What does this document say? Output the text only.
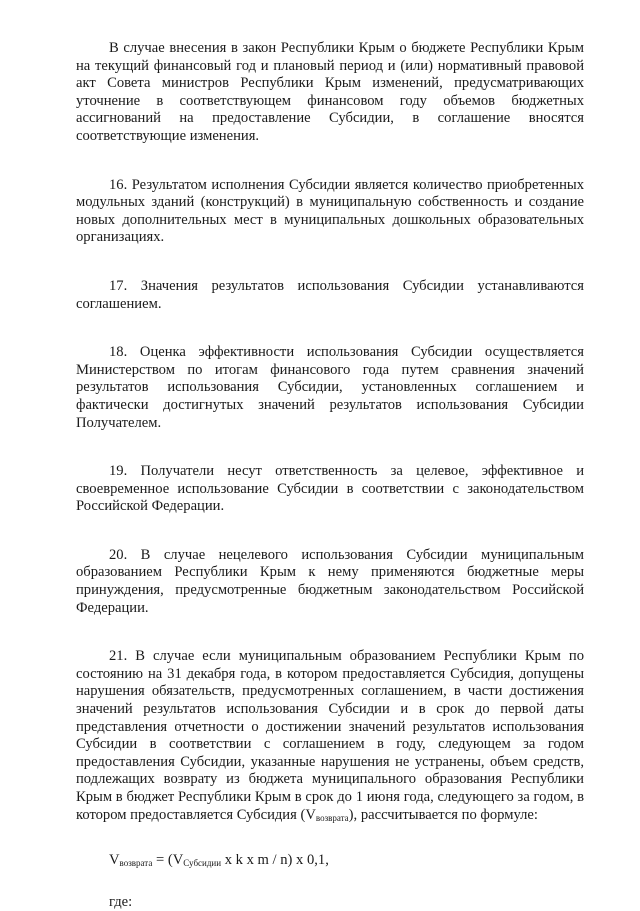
В случае внесения в закон Республики Крым о бюджете Республики Крым на текущий финансовый год и плановый период и (или) нормативный правовой акт Совета министров Республики Крым изменений, предусматривающих уточнение в соответствующем финансовом году объемов бюджетных ассигнований на предоставление Субсидии, в соглашение вносятся соответствующие изменения.

16. Результатом исполнения Субсидии является количество приобретенных модульных зданий (конструкций) в муниципальную собственность и создание новых дополнительных мест в муниципальных дошкольных образовательных организациях.

17. Значения результатов использования Субсидии устанавливаются соглашением.

18. Оценка эффективности использования Субсидии осуществляется Министерством по итогам финансового года путем сравнения значений результатов использования Субсидии, установленных соглашением и фактически достигнутых значений результатов использования Субсидии Получателем.

19. Получатели несут ответственность за целевое, эффективное и своевременное использование Субсидии в соответствии с законодательством Российской Федерации.

20. В случае нецелевого использования Субсидии муниципальным образованием Республики Крым к нему применяются бюджетные меры принуждения, предусмотренные бюджетным законодательством Российской Федерации.

21. В случае если муниципальным образованием Республики Крым по состоянию на 31 декабря года, в котором предоставляется Субсидия, допущены нарушения обязательств, предусмотренных соглашением, в части достижения значений результатов использования Субсидии и в срок до первой даты представления отчетности о достижении значений результатов использования Субсидии в соответствии с соглашением в году, следующем за годом предоставления Субсидии, указанные нарушения не устранены, объем средств, подлежащих возврату из бюджета муниципального образования Республики Крым в бюджет Республики Крым в срок до 1 июня года, следующего за годом, в котором предоставляется Субсидия $(V_{возврата})$, рассчитывается по формуле:

$V_{возврата} = (V_{Субсидии}$ x k x m / n) x 0,1,

где:
